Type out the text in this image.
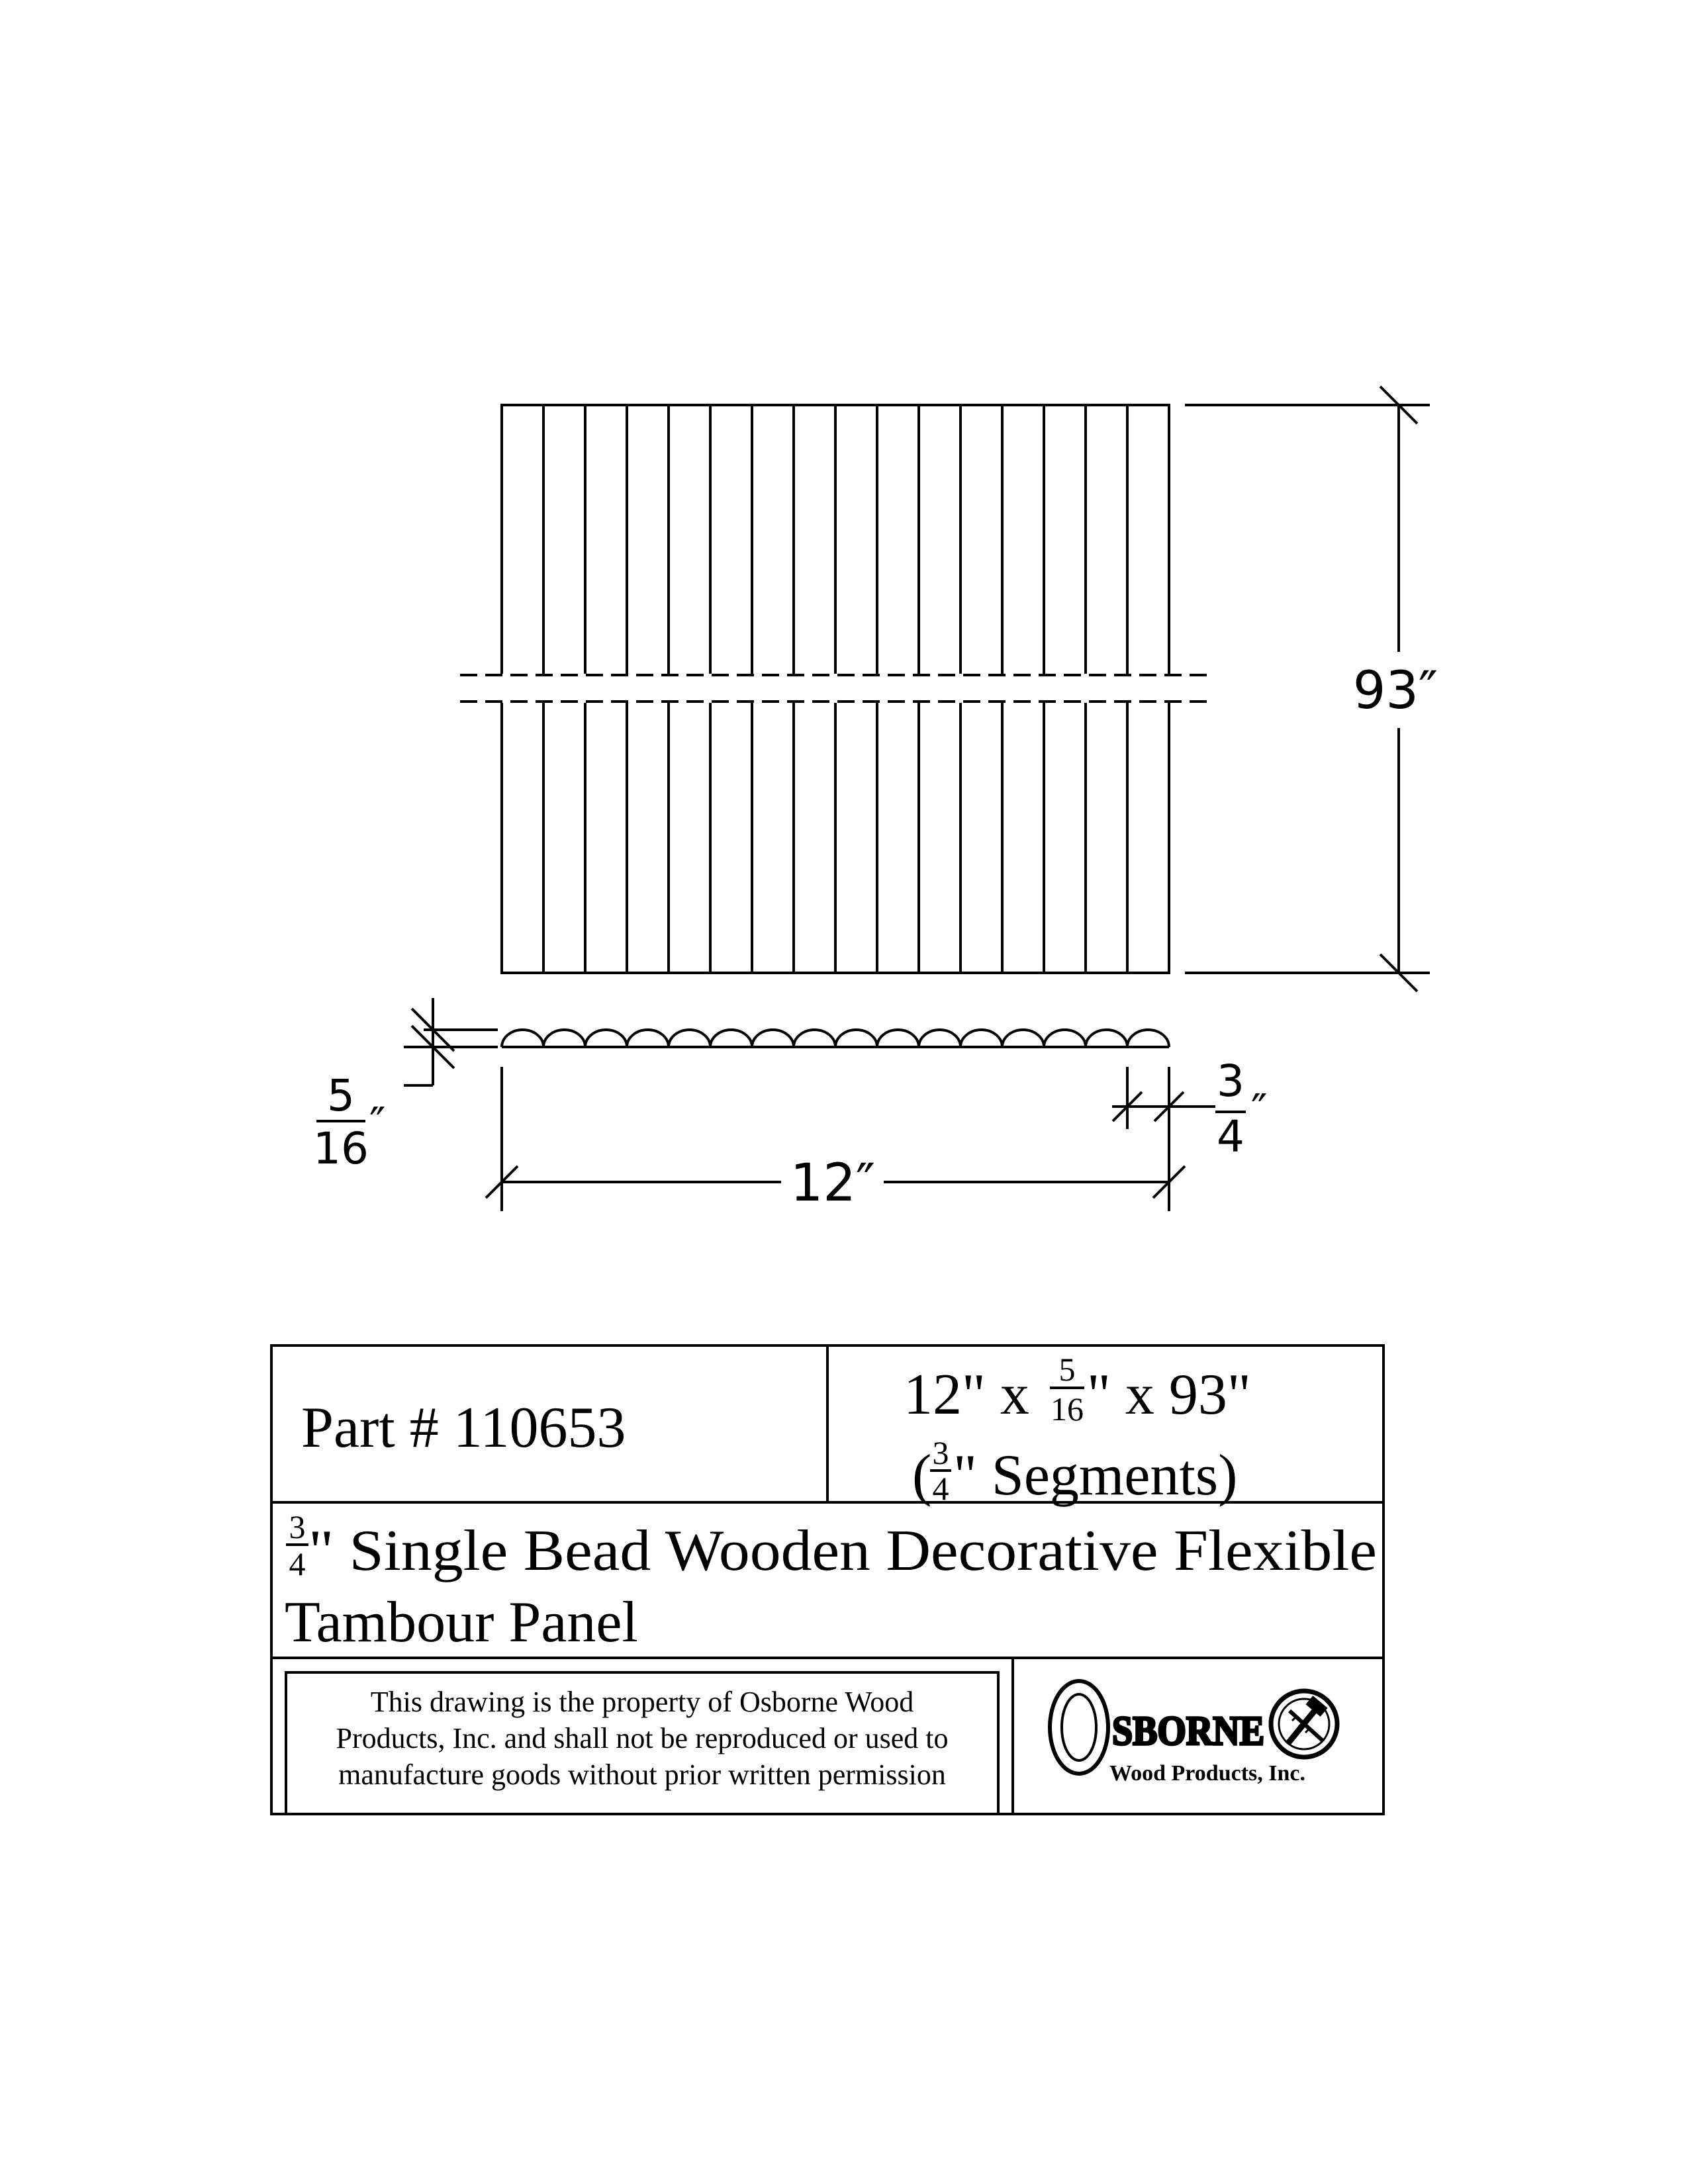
93″
5
16 ″
12″
3
4
″
Part # 110653
12" x 5
16 " x 93"
( 3
4 " Segments)
3
4 " Single Bead Wooden Decorative Flexible
Tambour Panel
This drawing is the property of Osborne Wood
Products, Inc. and shall not be reproduced or used to
manufacture goods without prior written permission
SBORNE
Wood Products, Inc.
